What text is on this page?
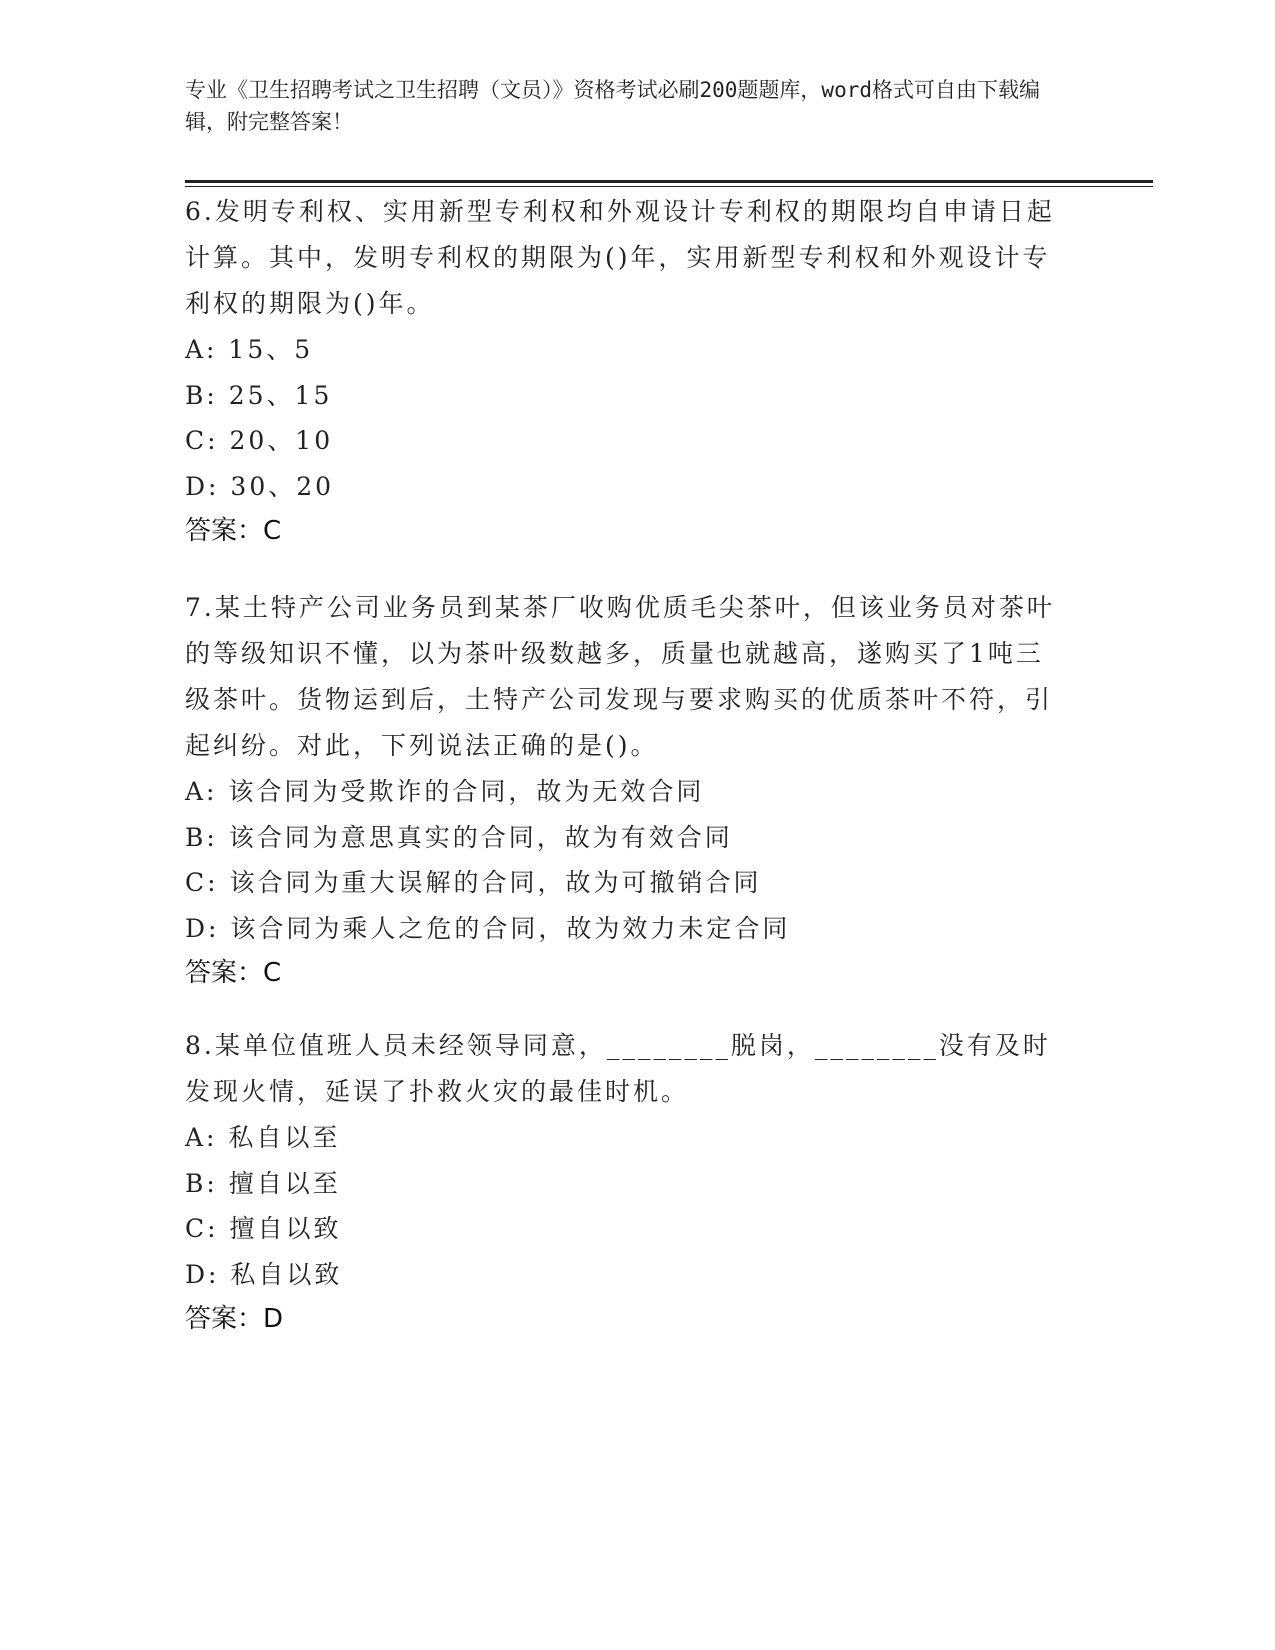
专业《卫生招聘考试之卫生招聘（文员）》资格考试必刷200题题库，word格式可自由下载编辑，附完整答案！

6.发明专利权、实用新型专利权和外观设计专利权的期限均自申请日起计算。其中，发明专利权的期限为()年，实用新型专利权和外观设计专利权的期限为()年。

A: 15、5

B: 25、15

C: 20、10

D: 30、20

答案：C

7.某土特产公司业务员到某茶厂收购优质毛尖茶叶，但该业务员对茶叶的等级知识不懂，以为茶叶级数越多，质量也就越高，遂购买了1吨三级茶叶。货物运到后，土特产公司发现与要求购买的优质茶叶不符，引起纠纷。对此，下列说法正确的是()。

A: 该合同为受欺诈的合同，故为无效合同

B: 该合同为意思真实的合同，故为有效合同

C: 该合同为重大误解的合同，故为可撤销合同

D: 该合同为乘人之危的合同，故为效力未定合同

答案：C

8.某单位值班人员未经领导同意，________脱岗，________没有及时发现火情，延误了扑救火灾的最佳时机。

A: 私自以至

B: 擅自以至

C: 擅自以致

D: 私自以致

答案：D
